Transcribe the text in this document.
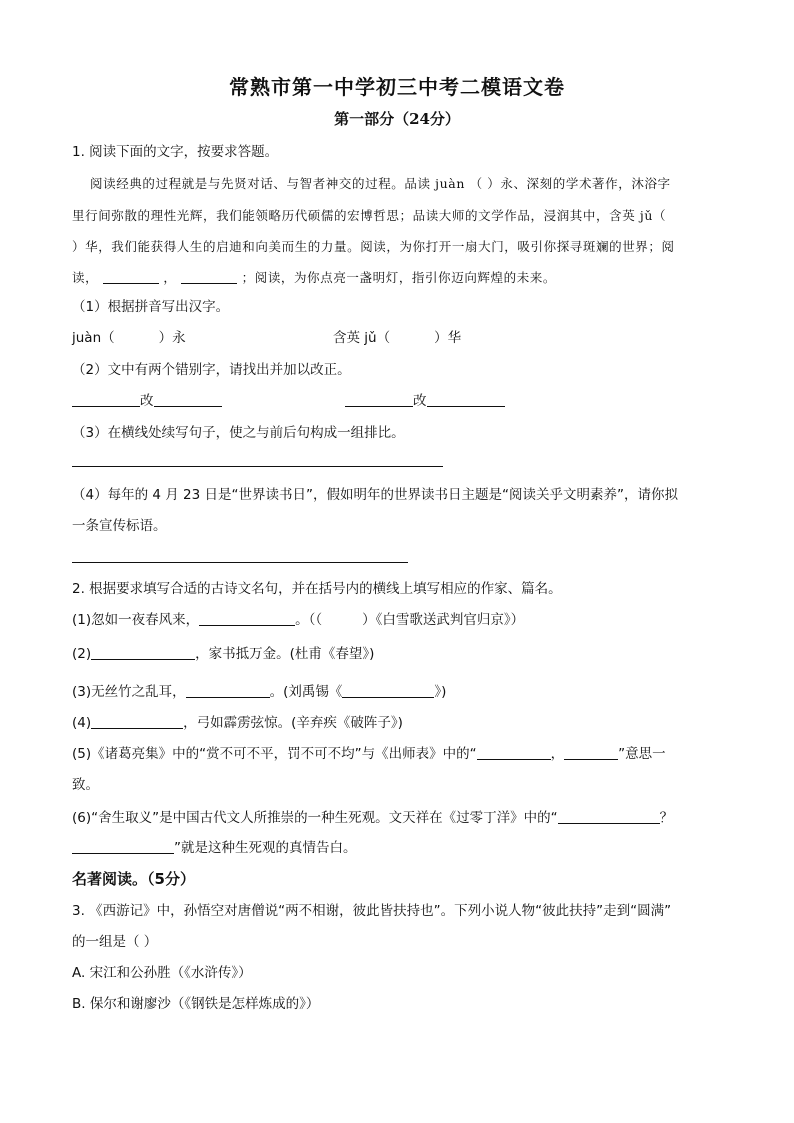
常熟市第一中学初三中考二模语文卷
第一部分（24分）
1. 阅读下面的文字，按要求答题。
阅读经典的过程就是与先贤对话、与智者神交的过程。品读 juàn （ ）永、深刻的学术著作，沐浴字
里行间弥散的理性光辉，我们能领略历代硕儒的宏博哲思；品读大师的文学作品，浸润其中，含英 jǔ（
）华，我们能获得人生的启迪和向美而生的力量。阅读，为你打开一扇大门，吸引你探寻斑斓的世界；阅
读，	，	；阅读，为你点亮一盏明灯，指引你迈向辉煌的未来。
（1）根据拼音写出汉字。
juàn（	）永	含英 jǔ（	）华
（2）文中有两个错别字，请找出并加以改正。
改	改
（3）在横线处续写句子，使之与前后句构成一组排比。
（4）每年的 4 月 23 日是“世界读书日”，假如明年的世界读书日主题是“阅读关乎文明素养”，请你拟
一条宣传标语。
2. 根据要求填写合适的古诗文名句，并在括号内的横线上填写相应的作家、篇名。
(1)忽如一夜春风来，	。（（	）《白雪歌送武判官归京》）
(2)	，家书抵万金。(杜甫《春望》)
(3)无丝竹之乱耳，	。(刘禹锡《	》)
(4)	，弓如霹雳弦惊。(辛弃疾《破阵子》)
(5)《诸葛亮集》中的“赏不可不平，罚不可不均”与《出师表》中的“	，	”意思一
致。
(6)“舍生取义”是中国古代文人所推崇的一种生死观。文天祥在《过零丁洋》中的“	？
”就是这种生死观的真情告白。
名著阅读。（5分）
3. 《西游记》中，孙悟空对唐僧说“两不相谢，彼此皆扶持也”。下列小说人物“彼此扶持”走到“圆满”
的一组是（ ）
A. 宋江和公孙胜（《水浒传》）
B. 保尔和谢廖沙（《钢铁是怎样炼成的》）
